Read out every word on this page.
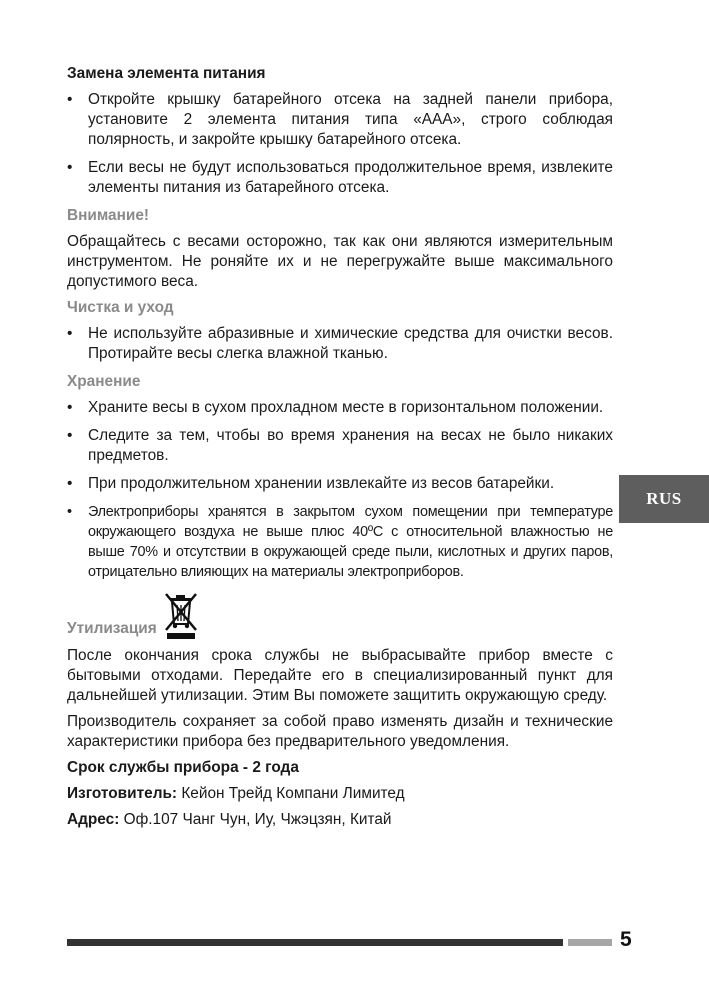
Замена элемента питания
• Откройте крышку батарейного отсека на задней панели прибора, установите 2 элемента питания типа «ААА», строго соблюдая полярность, и закройте крышку батарейного отсека.
• Если весы не будут использоваться продолжительное время, извлеките элементы питания из батарейного отсека.
Внимание!
Обращайтесь с весами осторожно, так как они являются измерительным инструментом. Не роняйте их и не перегружайте выше максимального допустимого веса.
Чистка и уход
• Не используйте абразивные и химические средства для очистки весов. Протирайте весы слегка влажной тканью.
Хранение
• Храните весы в сухом прохладном месте в горизонтальном положении.
• Следите за тем, чтобы во время хранения на весах не было никаких предметов.
• При продолжительном хранении извлекайте из весов батарейки.
• Электроприборы хранятся в закрытом сухом помещении при температуре окружающего воздуха не выше плюс 40ºС с относительной влажностью не выше 70% и отсутствии в окружающей среде пыли, кислотных и других паров, отрицательно влияющих на материалы электроприборов.
Утилизация
После окончания срока службы не выбрасывайте прибор вместе с бытовыми отходами. Передайте его в специализированный пункт для дальнейшей утилизации. Этим Вы поможете защитить окружающую среду.
Производитель сохраняет за собой право изменять дизайн и технические характеристики прибора без предварительного уведомления.
Срок службы прибора - 2 года
Изготовитель: Кейон Трейд Компани Лимитед
Адрес: Оф.107 Чанг Чун, Иу, Чжэцзян, Китай
RUS
5
